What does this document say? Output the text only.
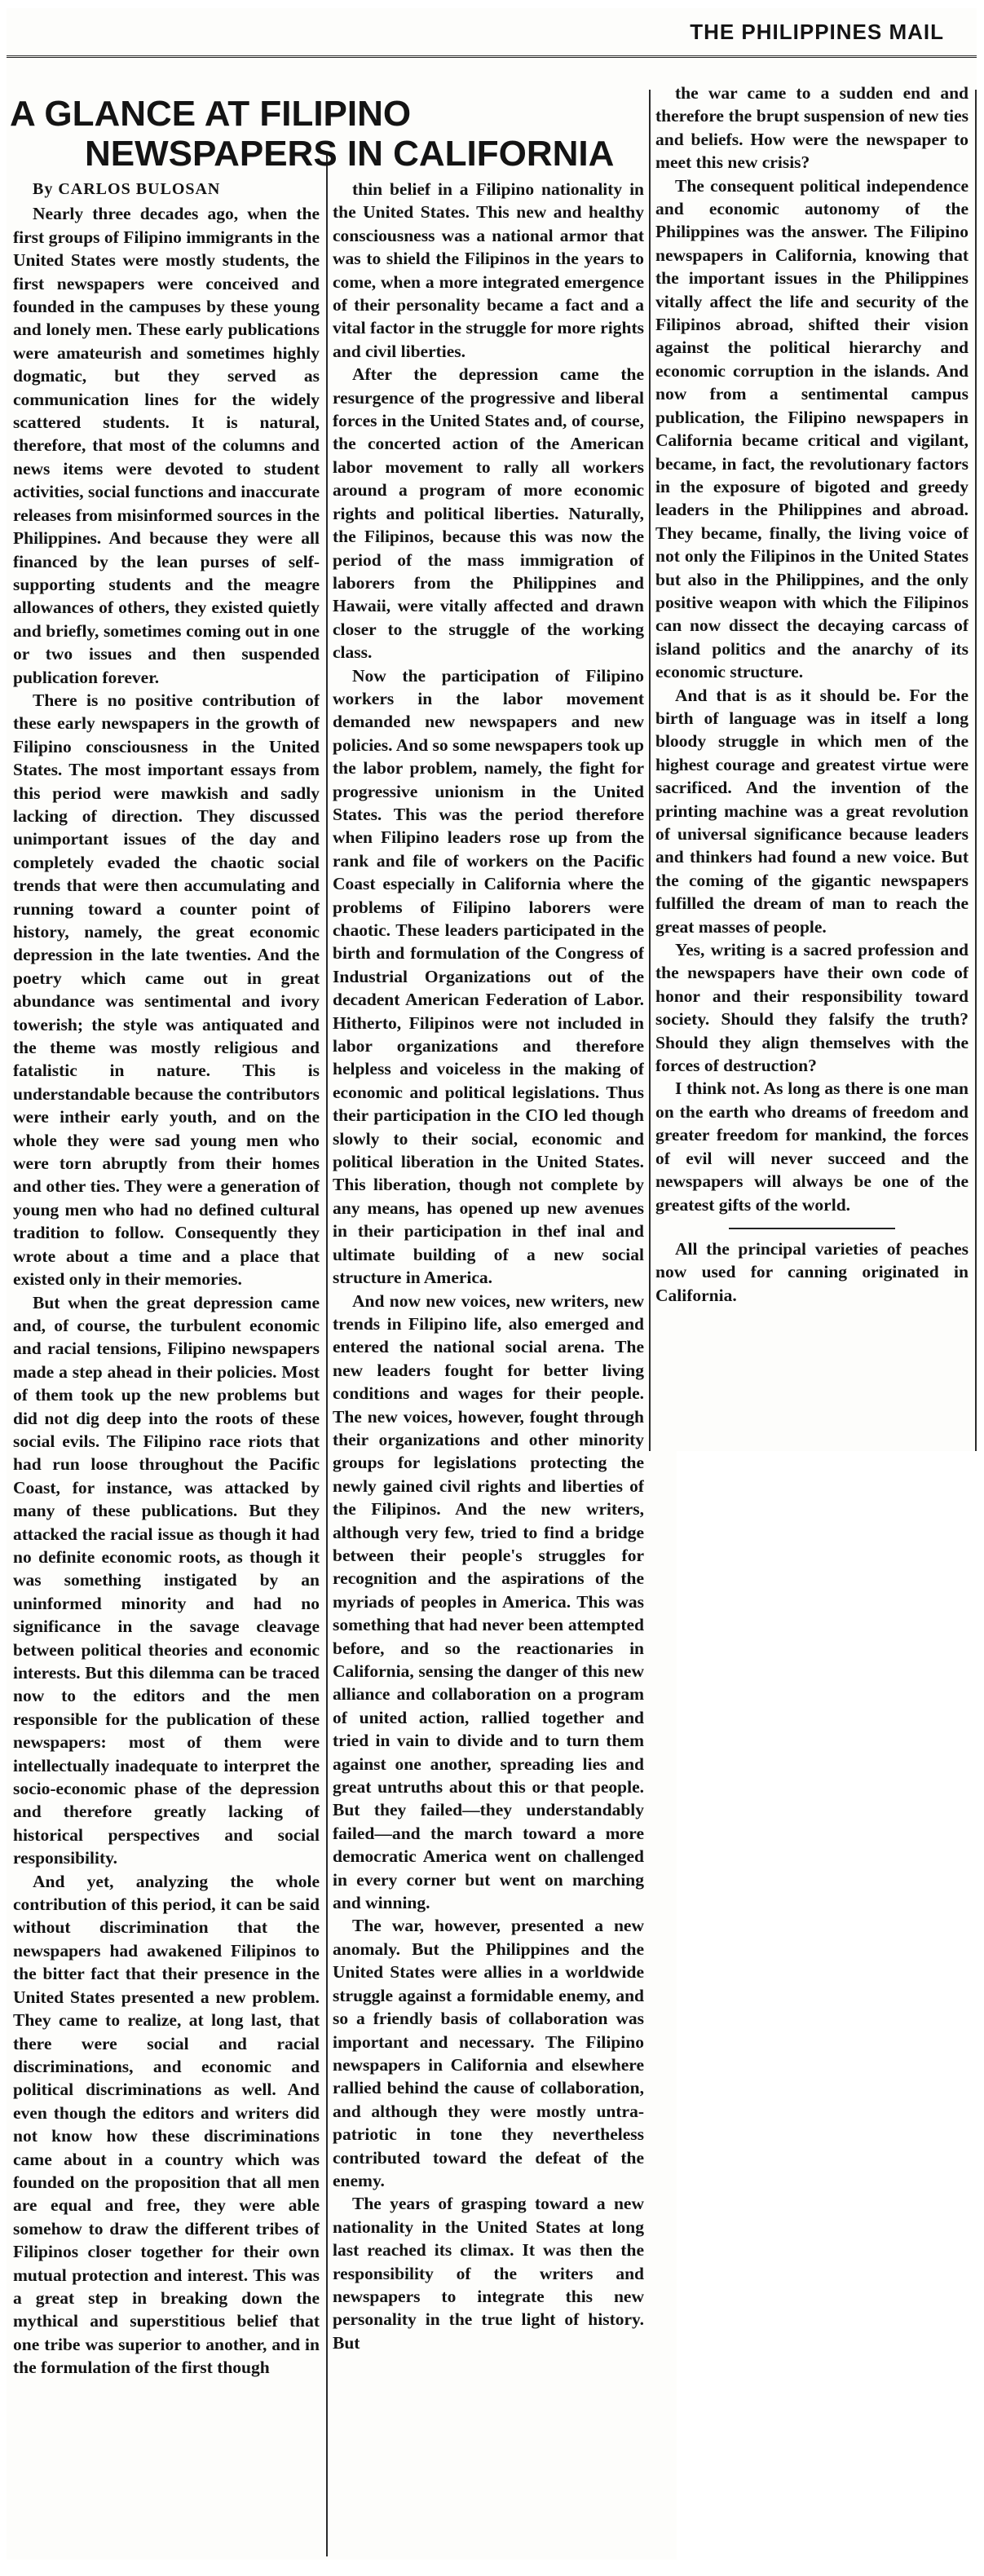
THE PHILIPPINES MAIL
A GLANCE AT FILIPINO
NEWSPAPERS IN CALIFORNIA
By CARLOS BULOSAN

Nearly three decades ago, when the first groups of Filipino immigrants in the United States were mostly students, the first newspapers were conceived and founded in the campuses by these young and lonely men. These early publications were amateurish and sometimes highly dogmatic, but they served as communication lines for the widely scattered students. It is natural, therefore, that most of the columns and news items were devoted to student activities, social functions and inaccurate releases from misinformed sources in the Philippines. And because they were all financed by the lean purses of self-supporting students and the meagre allowances of others, they existed quietly and briefly, sometimes coming out in one or two issues and then suspended publication forever.

There is no positive contribution of these early newspapers in the growth of Filipino consciousness in the United States. The most important essays from this period were mawkish and sadly lacking of direction. They discussed unimportant issues of the day and completely evaded the chaotic social trends that were then accumulating and running toward a counter point of history, namely, the great economic depression in the late twenties. And the poetry which came out in great abundance was sentimental and ivory towerish; the style was antiquated and the theme was mostly religious and fatalistic in nature. This is understandable because the contributors were intheir early youth, and on the whole they were sad young men who were torn abruptly from their homes and other ties. They were a generation of young men who had no defined cultural tradition to follow. Consequently they wrote about a time and a place that existed only in their memories.

But when the great depression came and, of course, the turbulent economic and racial tensions, Filipino newspapers made a step ahead in their policies. Most of them took up the new problems but did not dig deep into the roots of these social evils. The Filipino race riots that had run loose throughout the Pacific Coast, for instance, was attacked by many of these publications. But they attacked the racial issue as though it had no definite economic roots, as though it was something instigated by an uninformed minority and had no significance in the savage cleavage between political theories and economic interests. But this dilemma can be traced now to the editors and the men responsible for the publication of these newspapers: most of them were intellectually inadequate to interpret the socio-economic phase of the depression and therefore greatly lacking of historical perspectives and social responsibility.

And yet, analyzing the whole contribution of this period, it can be said without discrimination that the newspapers had awakened Filipinos to the bitter fact that their presence in the United States presented a new problem. They came to realize, at long last, that there were social and racial discriminations, and economic and political discriminations as well. And even though the editors and writers did not know how these discriminations came about in a country which was founded on the proposition that all men are equal and free, they were able somehow to draw the different tribes of Filipinos closer together for their own mutual protection and interest. This was a great step in breaking down the mythical and superstitious belief that one tribe was superior to another, and in the formulation of the first though

thin belief in a Filipino nationality in the United States. This new and healthy consciousness was a national armor that was to shield the Filipinos in the years to come, when a more integrated emergence of their personality became a fact and a vital factor in the struggle for more rights and civil liberties.

After the depression came the resurgence of the progressive and liberal forces in the United States and, of course, the concerted action of the American labor movement to rally all workers around a program of more economic rights and political liberties. Naturally, the Filipinos, because this was now the period of the mass immigration of laborers from the Philippines and Hawaii, were vitally affected and drawn closer to the struggle of the working class.

Now the participation of Filipino workers in the labor movement demanded new newspapers and new policies. And so some newspapers took up the labor problem, namely, the fight for progressive unionism in the United States. This was the period therefore when Filipino leaders rose up from the rank and file of workers on the Pacific Coast especially in California where the problems of Filipino laborers were chaotic. These leaders participated in the birth and formulation of the Congress of Industrial Organizations out of the decadent American Federation of Labor. Hitherto, Filipinos were not included in labor organizations and therefore helpless and voiceless in the making of economic and political legislations. Thus their participation in the CIO led though slowly to their social, economic and political liberation in the United States. This liberation, though not complete by any means, has opened up new avenues in their participation in thef inal and ultimate building of a new social structure in America.

And now new voices, new writers, new trends in Filipino life, also emerged and entered the national social arena. The new leaders fought for better living conditions and wages for their people. The new voices, however, fought through their organizations and other minority groups for legislations protecting the newly gained civil rights and liberties of the Filipinos. And the new writers, although very few, tried to find a bridge between their people's struggles for recognition and the aspirations of the myriads of peoples in America. This was something that had never been attempted before, and so the reactionaries in California, sensing the danger of this new alliance and collaboration on a program of united action, rallied together and tried in vain to divide and to turn them against one another, spreading lies and great untruths about this or that people. But they failed—they understandably failed—and the march toward a more democratic America went on challenged in every corner but went on marching and winning.

The war, however, presented a new anomaly. But the Philippines and the United States were allies in a worldwide struggle against a formidable enemy, and so a friendly basis of collaboration was important and necessary. The Filipino newspapers in California and elsewhere rallied behind the cause of collaboration, and although they were mostly untra-patriotic in tone they nevertheless contributed toward the defeat of the enemy.

The years of grasping toward a new nationality in the United States at long last reached its climax. It was then the responsibility of the writers and newspapers to integrate this new personality in the true light of history. But

the war came to a sudden end and therefore the brupt suspension of new ties and beliefs. How were the newspaper to meet this new crisis?

The consequent political independence and economic autonomy of the Philippines was the answer. The Filipino newspapers in California, knowing that the important issues in the Philippines vitally affect the life and security of the Filipinos abroad, shifted their vision against the political hierarchy and economic corruption in the islands. And now from a sentimental campus publication, the Filipino newspapers in California became critical and vigilant, became, in fact, the revolutionary factors in the exposure of bigoted and greedy leaders in the Philippines and abroad. They became, finally, the living voice of not only the Filipinos in the United States but also in the Philippines, and the only positive weapon with which the Filipinos can now dissect the decaying carcass of island politics and the anarchy of its economic structure.

And that is as it should be. For the birth of language was in itself a long bloody struggle in which men of the highest courage and greatest virtue were sacrificed. And the invention of the printing machine was a great revolution of universal significance because leaders and thinkers had found a new voice. But the coming of the gigantic newspapers fulfilled the dream of man to reach the great masses of people.

Yes, writing is a sacred profession and the newspapers have their own code of honor and their responsibility toward society. Should they falsify the truth? Should they align themselves with the forces of destruction?

I think not. As long as there is one man on the earth who dreams of freedom and greater freedom for mankind, the forces of evil will never succeed and the newspapers will always be one of the greatest gifts of the world.

All the principal varieties of peaches now used for canning originated in California.
